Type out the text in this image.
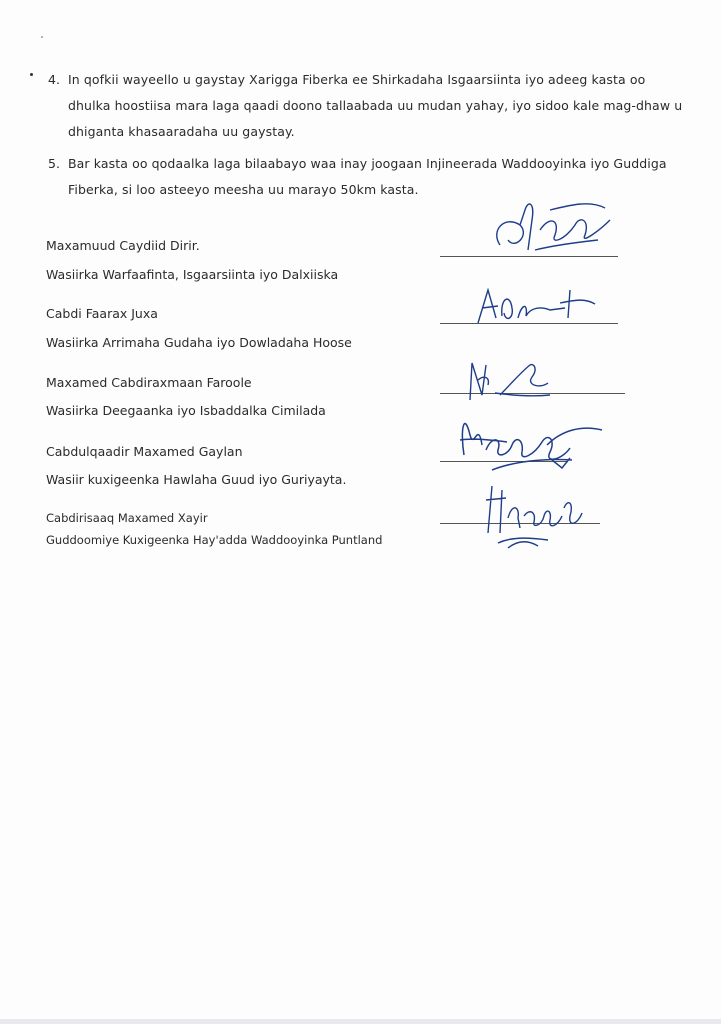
4. In qofkii wayeello u gaystay Xarigga Fiberka ee Shirkadaha Isgaarsiinta iyo adeeg kasta oo dhulka hoostiisa mara laga qaadi doono tallaabada uu mudan yahay, iyo sidoo kale mag-dhaw u dhiganta khasaaradaha uu gaystay.
5. Bar kasta oo qodaalka laga bilaabayo waa inay joogaan Injineerada Waddooyinka iyo Guddiga Fiberka, si loo asteeyo meesha uu marayo 50km kasta.
Maxamuud Caydiid Dirir.
Wasiirka Warfaafinta, Isgaarsiinta iyo Dalxiiska
Cabdi Faarax Juxa
Wasiirka Arrimaha Gudaha iyo Dowladaha Hoose
Maxamed Cabdiraxmaan Faroole
Wasiirka Deegaanka iyo Isbaddalka Cimilada
Cabdulqaadir Maxamed Gaylan
Wasiir kuxigeenka Hawlaha Guud iyo Guriyayta.
Cabdirisaaq Maxamed Xayir
Guddoomiye Kuxigeenka Hay'adda Waddooyinka Puntland
